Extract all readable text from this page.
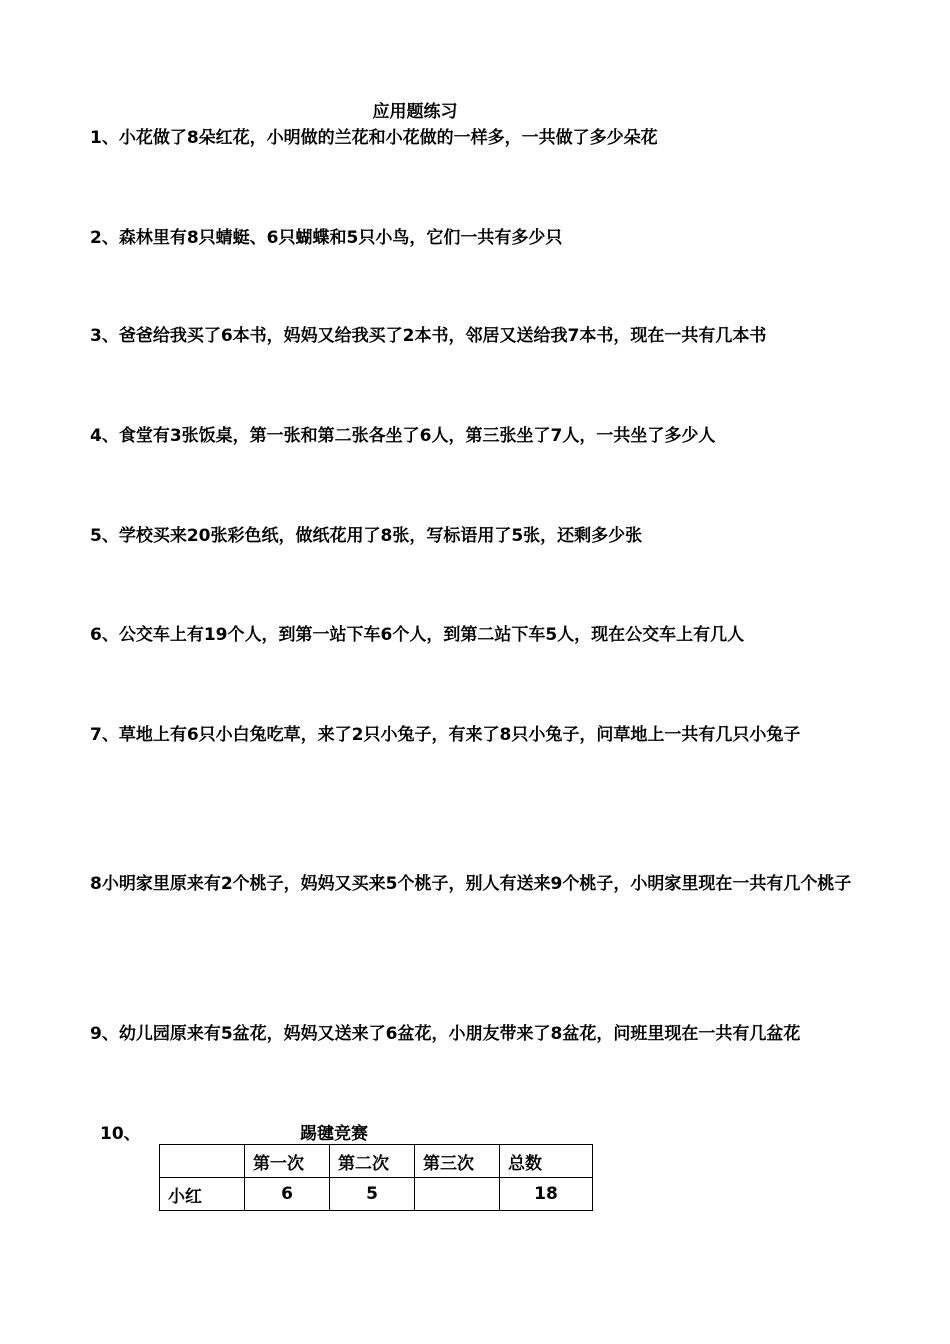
应用题练习
1、小花做了8朵红花，小明做的兰花和小花做的一样多，一共做了多少朵花
2、森林里有8只蜻蜓、6只蝴蝶和5只小鸟，它们一共有多少只
3、爸爸给我买了6本书，妈妈又给我买了2本书，邻居又送给我7本书，现在一共有几本书
4、食堂有3张饭桌，第一张和第二张各坐了6人，第三张坐了7人，一共坐了多少人
5、学校买来20张彩色纸，做纸花用了8张，写标语用了5张，还剩多少张
6、公交车上有19个人，到第一站下车6个人，到第二站下车5人，现在公交车上有几人
7、草地上有6只小白兔吃草，来了2只小兔子，有来了8只小兔子，问草地上一共有几只小兔子
8小明家里原来有2个桃子，妈妈又买来5个桃子，别人有送来9个桃子，小明家里现在一共有几个桃子
9、幼儿园原来有5盆花，妈妈又送来了6盆花，小朋友带来了8盆花，问班里现在一共有几盆花
10、	踢毽竞赛
	第一次	第二次	第三次	总数
小红	6	5		18
